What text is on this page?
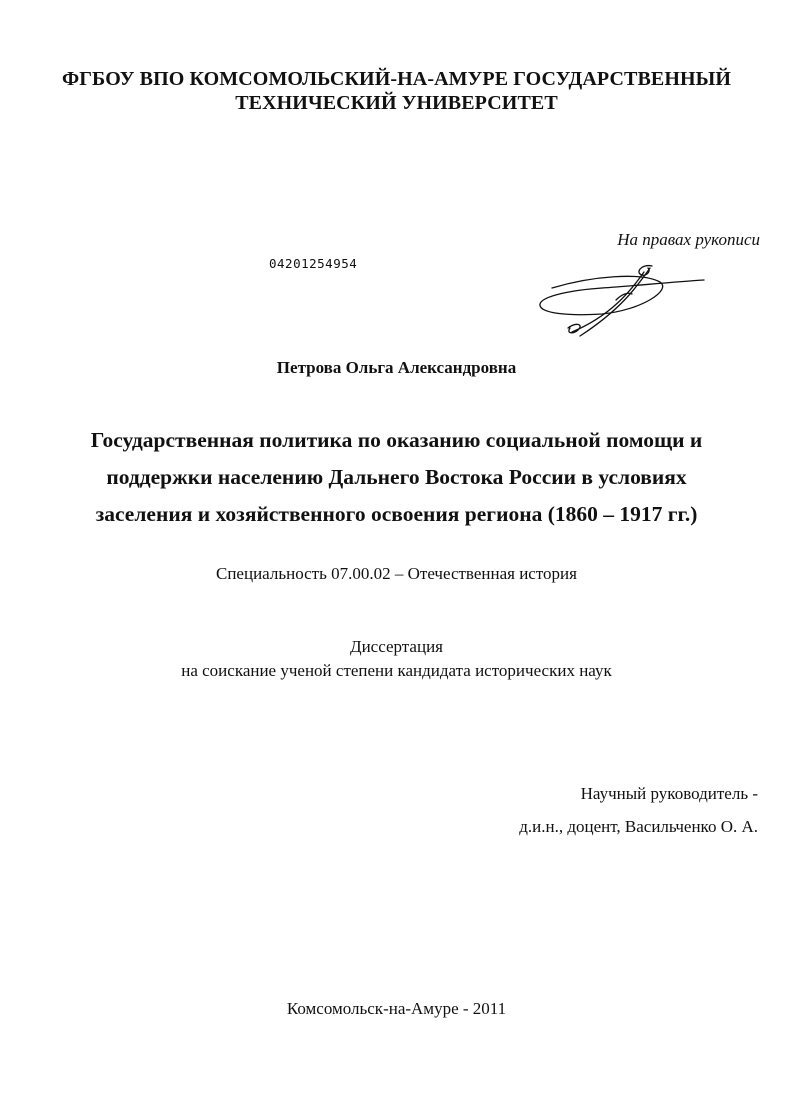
ФГБОУ ВПО КОМСОМОЛЬСКИЙ-НА-АМУРЕ ГОСУДАРСТВЕННЫЙ
ТЕХНИЧЕСКИЙ УНИВЕРСИТЕТ
На правах рукописи
04201254954
Петрова Ольга Александровна
Государственная политика по оказанию социальной помощи и
поддержки населению Дальнего Востока России в условиях
заселения и хозяйственного освоения региона (1860 – 1917 гг.)
Специальность 07.00.02 – Отечественная история
Диссертация
на соискание ученой степени кандидата исторических наук
Научный руководитель -
д.и.н., доцент, Васильченко О. А.
Комсомольск-на-Амуре - 2011
